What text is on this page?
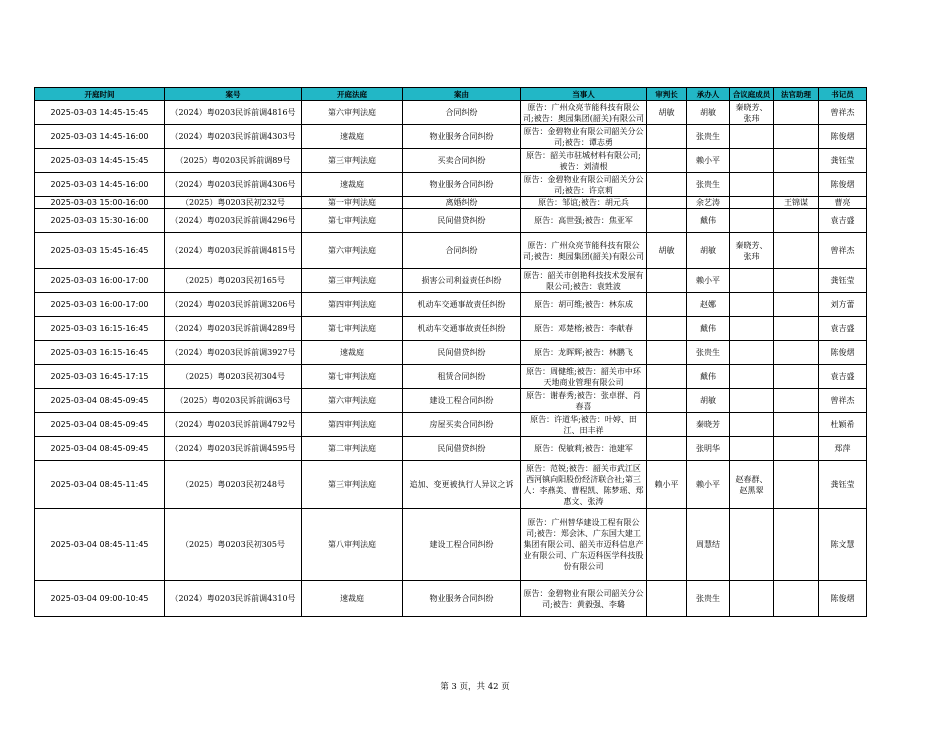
开庭时间	案号	开庭法庭	案由	当事人	审判长	承办人	合议庭成员	法官助理	书记员
2025-03-03 14:45-15:45	（2024）粤0203民诉前调4816号	第六审判法庭	合同纠纷	原告：广州众亮节能科技有限公司;被告：奥园集团(韶关)有限公司	胡敏	胡敏	秦晓芳、张玮		曾祥杰
2025-03-03 14:45-16:00	（2024）粤0203民诉前调4303号	速裁庭	物业服务合同纠纷	原告：金碧物业有限公司韶关分公司;被告：谭志勇		张贵生			陈俊熠
2025-03-03 14:45-15:45	（2025）粤0203民诉前调89号	第三审判法庭	买卖合同纠纷	原告：韶关市驻城材料有限公司;被告：刘清根		赖小平			龚钰莹
2025-03-03 14:45-16:00	（2024）粤0203民诉前调4306号	速裁庭	物业服务合同纠纷	原告：金碧物业有限公司韶关分公司;被告：许京莉		张贵生			陈俊熠
2025-03-03 15:00-16:00	（2025）粤0203民初232号	第一审判法庭	离婚纠纷	原告：邹谊;被告：胡元兵		余艺涛		王锦谋	曹亮
2025-03-03 15:30-16:00	（2024）粤0203民诉前调4296号	第七审判法庭	民间借贷纠纷	原告：高世强;被告：焦亚军		戴伟			袁吉盛
2025-03-03 15:45-16:45	（2024）粤0203民诉前调4815号	第六审判法庭	合同纠纷	原告：广州众亮节能科技有限公司;被告：奥园集团(韶关)有限公司	胡敏	胡敏	秦晓芳、张玮		曾祥杰
2025-03-03 16:00-17:00	（2025）粤0203民初165号	第三审判法庭	损害公司利益责任纠纷	原告：韶关市创艳科技技术发展有限公司;被告：袁甡波		赖小平			龚钰莹
2025-03-03 16:00-17:00	（2024）粤0203民诉前调3206号	第四审判法庭	机动车交通事故责任纠纷	原告：胡可维;被告：林东成		赵娜			刘方蕾
2025-03-03 16:15-16:45	（2024）粤0203民诉前调4289号	第七审判法庭	机动车交通事故责任纠纷	原告：邓楚榕;被告：李献春		戴伟			袁吉盛
2025-03-03 16:15-16:45	（2024）粤0203民诉前调3927号	速裁庭	民间借贷纠纷	原告：龙晖辉;被告：林鹏飞		张贵生			陈俊熠
2025-03-03 16:45-17:15	（2025）粤0203民初304号	第七审判法庭	租赁合同纠纷	原告：周健维;被告：韶关市中环天地商业管理有限公司		戴伟			袁吉盛
2025-03-04 08:45-09:45	（2025）粤0203民诉前调63号	第六审判法庭	建设工程合同纠纷	原告：谢春秀;被告：张卓群、肖春喜		胡敏			曾祥杰
2025-03-04 08:45-09:45	（2024）粤0203民诉前调4792号	第四审判法庭	房屋买卖合同纠纷	原告：许道华;被告：叶婷、田江、田丰祥		秦晓芳			杜颖希
2025-03-04 08:45-09:45	（2024）粤0203民诉前调4595号	第二审判法庭	民间借贷纠纷	原告：倪敏莉;被告：池建军		张明华			郑萍
2025-03-04 08:45-11:45	（2025）粤0203民初248号	第三审判法庭	追加、变更被执行人异议之诉	原告：范锐;被告：韶关市武江区西河镇向阳股份经济联合社;第三人：李燕美、曹程凯、陈梦瑶、郑惠文、张涛	赖小平	赖小平	赵春群、赵黑翠		龚钰莹
2025-03-04 08:45-11:45	（2025）粤0203民初305号	第八审判法庭	建设工程合同纠纷	原告：广州替华建设工程有限公司;被告：郑会沐、广东国大建工集团有限公司、韶关市迈科信息产业有限公司、广东迈科医学科技股份有限公司		周慧结			陈文慧
2025-03-04 09:00-10:45	（2024）粤0203民诉前调4310号	速裁庭	物业服务合同纠纷	原告：金碧物业有限公司韶关分公司;被告：黄毅强、李璐		张贵生			陈俊熠
第 3 页，共 42 页
